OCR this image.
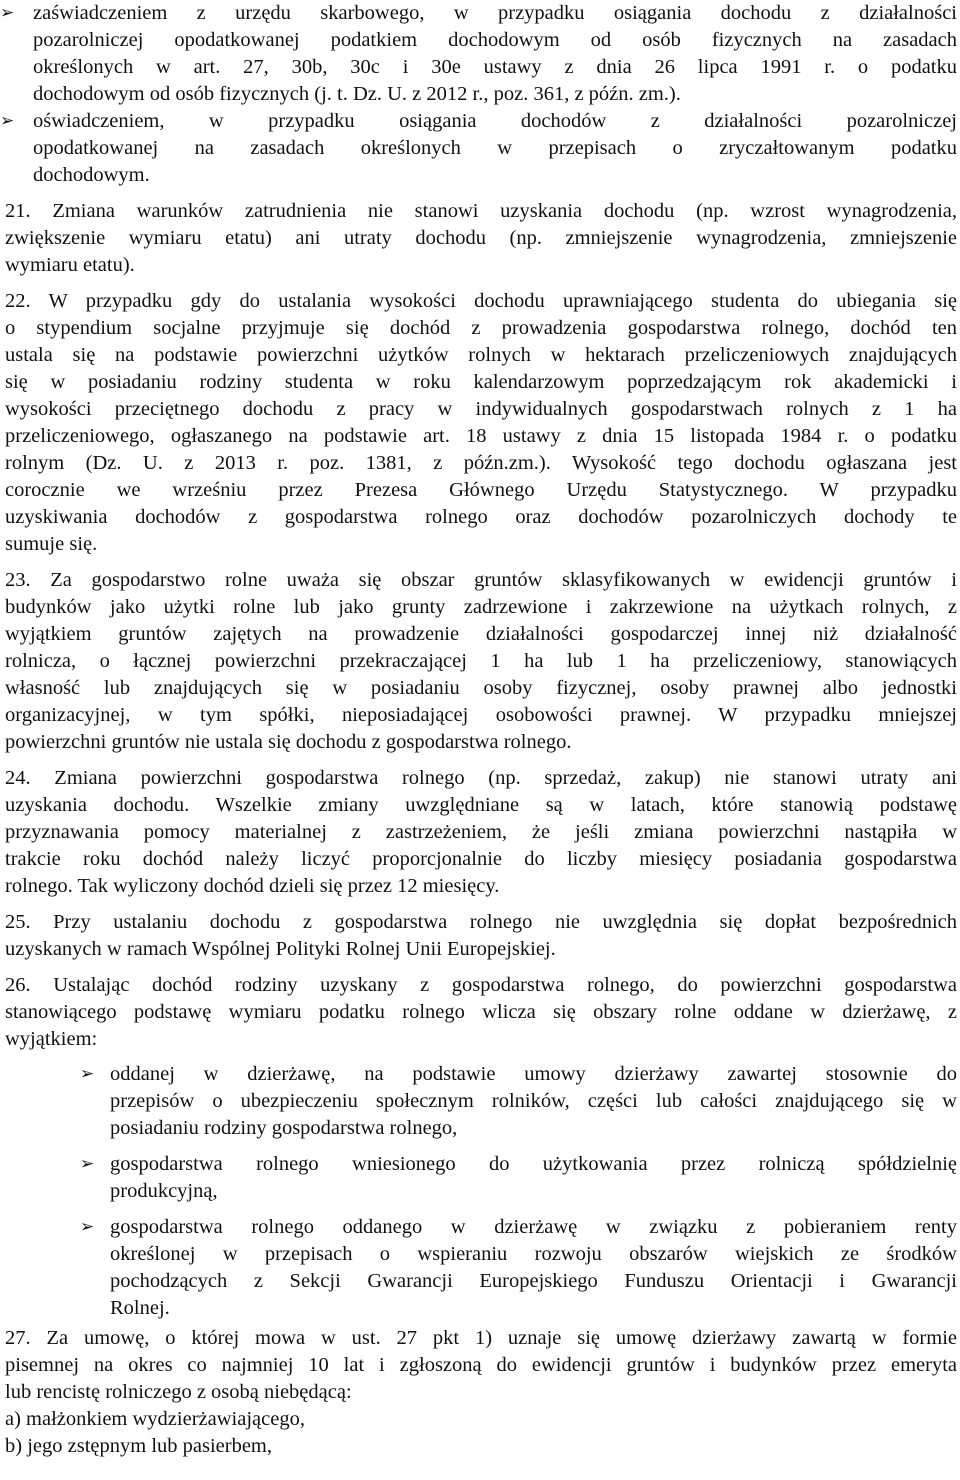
➢ zaświadczeniem z urzędu skarbowego, w przypadku osiągania dochodu z działalności
pozarolniczej opodatkowanej podatkiem dochodowym od osób fizycznych na zasadach
określonych w art. 27, 30b, 30c i 30e ustawy z dnia 26 lipca 1991 r. o podatku
dochodowym od osób fizycznych (j. t. Dz. U. z 2012 r., poz. 361, z późn. zm.).
➢ oświadczeniem, w przypadku osiągania dochodów z działalności pozarolniczej
opodatkowanej na zasadach określonych w przepisach o zryczałtowanym podatku
dochodowym.
21. Zmiana warunków zatrudnienia nie stanowi uzyskania dochodu (np. wzrost wynagrodzenia,
zwiększenie wymiaru etatu) ani utraty dochodu (np. zmniejszenie wynagrodzenia, zmniejszenie
wymiaru etatu).
22. W przypadku gdy do ustalania wysokości dochodu uprawniającego studenta do ubiegania się
o stypendium socjalne przyjmuje się dochód z prowadzenia gospodarstwa rolnego, dochód ten
ustala się na podstawie powierzchni użytków rolnych w hektarach przeliczeniowych znajdujących
się w posiadaniu rodziny studenta w roku kalendarzowym poprzedzającym rok akademicki i
wysokości przeciętnego dochodu z pracy w indywidualnych gospodarstwach rolnych z 1 ha
przeliczeniowego, ogłaszanego na podstawie art. 18 ustawy z dnia 15 listopada 1984 r. o podatku
rolnym (Dz. U. z 2013 r. poz. 1381, z późn.zm.). Wysokość tego dochodu ogłaszana jest
corocznie we wrześniu przez Prezesa Głównego Urzędu Statystycznego. W przypadku
uzyskiwania dochodów z gospodarstwa rolnego oraz dochodów pozarolniczych dochody te
sumuje się.
23. Za gospodarstwo rolne uważa się obszar gruntów sklasyfikowanych w ewidencji gruntów i
budynków jako użytki rolne lub jako grunty zadrzewione i zakrzewione na użytkach rolnych, z
wyjątkiem gruntów zajętych na prowadzenie działalności gospodarczej innej niż działalność
rolnicza, o łącznej powierzchni przekraczającej 1 ha lub 1 ha przeliczeniowy, stanowiących
własność lub znajdujących się w posiadaniu osoby fizycznej, osoby prawnej albo jednostki
organizacyjnej, w tym spółki, nieposiadającej osobowości prawnej. W przypadku mniejszej
powierzchni gruntów nie ustala się dochodu z gospodarstwa rolnego.
24. Zmiana powierzchni gospodarstwa rolnego (np. sprzedaż, zakup) nie stanowi utraty ani
uzyskania dochodu. Wszelkie zmiany uwzględniane są w latach, które stanowią podstawę
przyznawania pomocy materialnej z zastrzeżeniem, że jeśli zmiana powierzchni nastąpiła w
trakcie roku dochód należy liczyć proporcjonalnie do liczby miesięcy posiadania gospodarstwa
rolnego. Tak wyliczony dochód dzieli się przez 12 miesięcy.
25. Przy ustalaniu dochodu z gospodarstwa rolnego nie uwzględnia się dopłat bezpośrednich
uzyskanych w ramach Wspólnej Polityki Rolnej Unii Europejskiej.
26. Ustalając dochód rodziny uzyskany z gospodarstwa rolnego, do powierzchni gospodarstwa
stanowiącego podstawę wymiaru podatku rolnego wlicza się obszary rolne oddane w dzierżawę, z
wyjątkiem:
➢ oddanej w dzierżawę, na podstawie umowy dzierżawy zawartej stosownie do
przepisów o ubezpieczeniu społecznym rolników, części lub całości znajdującego się w
posiadaniu rodziny gospodarstwa rolnego,
➢ gospodarstwa rolnego wniesionego do użytkowania przez rolniczą spółdzielnię
produkcyjną,
➢ gospodarstwa rolnego oddanego w dzierżawę w związku z pobieraniem renty
określonej w przepisach o wspieraniu rozwoju obszarów wiejskich ze środków
pochodzących z Sekcji Gwarancji Europejskiego Funduszu Orientacji i Gwarancji
Rolnej.
27. Za umowę, o której mowa w ust. 27 pkt 1) uznaje się umowę dzierżawy zawartą w formie
pisemnej na okres co najmniej 10 lat i zgłoszoną do ewidencji gruntów i budynków przez emeryta
lub rencistę rolniczego z osobą niebędącą:
a) małżonkiem wydzierżawiającego,
b) jego zstępnym lub pasierbem,
